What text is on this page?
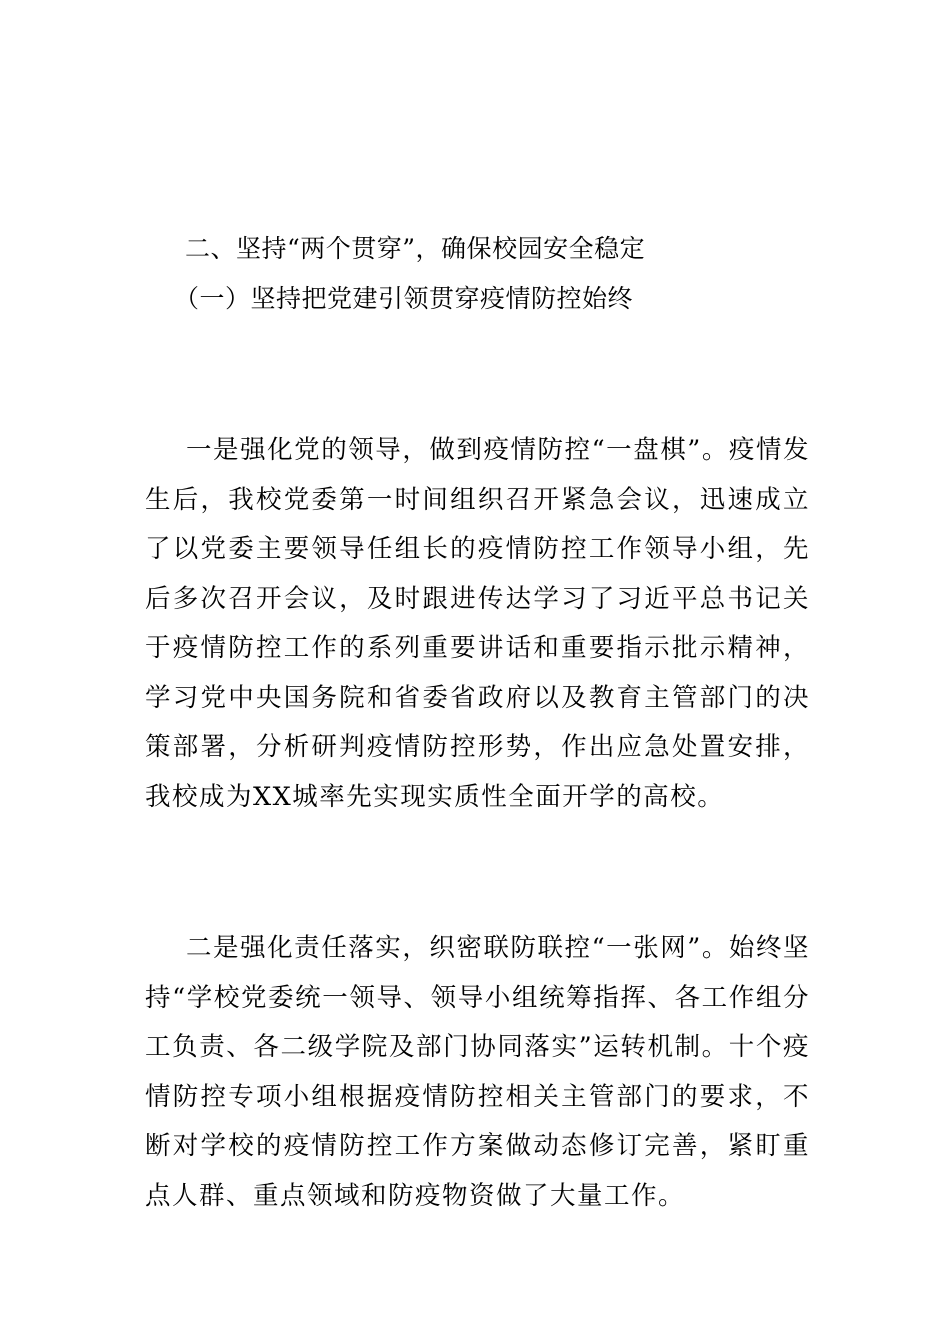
二、坚持“两个贯穿”，确保校园安全稳定
（一）坚持把党建引领贯穿疫情防控始终

一是强化党的领导，做到疫情防控“一盘棋”。疫情发生后，我校党委第一时间组织召开紧急会议，迅速成立了以党委主要领导任组长的疫情防控工作领导小组，先后多次召开会议，及时跟进传达学习了习近平总书记关于疫情防控工作的系列重要讲话和重要指示批示精神，学习党中央国务院和省委省政府以及教育主管部门的决策部署，分析研判疫情防控形势，作出应急处置安排，我校成为XX城率先实现实质性全面开学的高校。

二是强化责任落实，织密联防联控“一张网”。始终坚持“学校党委统一领导、领导小组统筹指挥、各工作组分工负责、各二级学院及部门协同落实”运转机制。十个疫情防控专项小组根据疫情防控相关主管部门的要求，不断对学校的疫情防控工作方案做动态修订完善，紧盯重点人群、重点领域和防疫物资做了大量工作。
